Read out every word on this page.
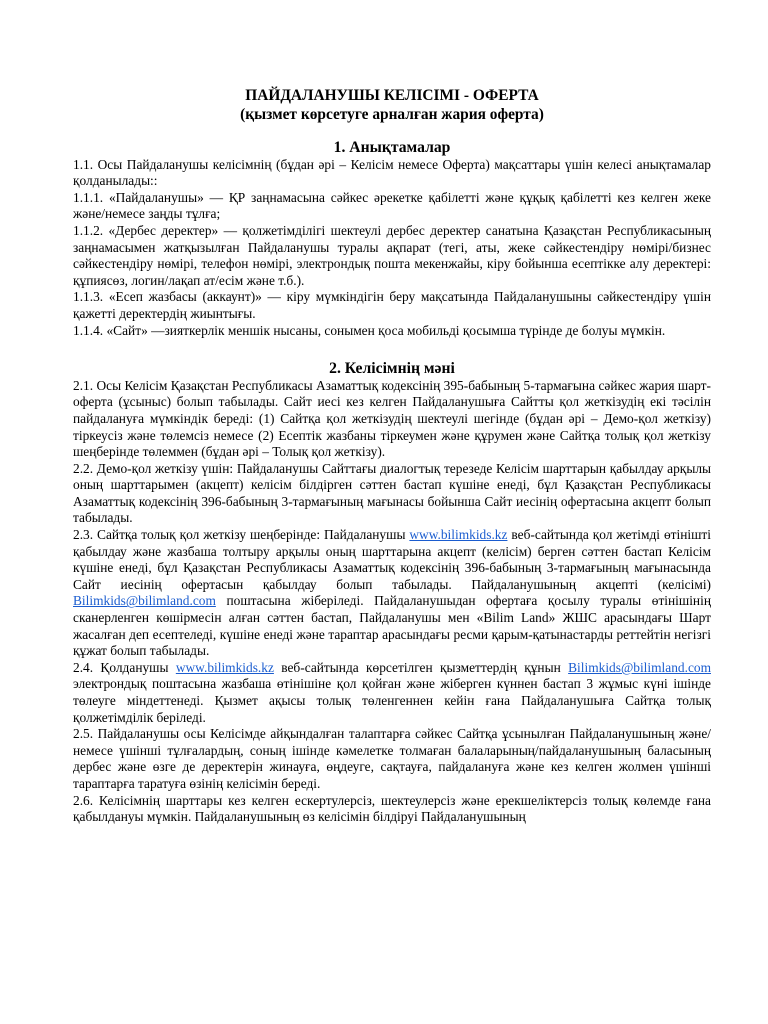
ПАЙДАЛАНУШЫ КЕЛІСІМІ - ОФЕРТА
(қызмет көрсетуге арналған жария оферта)
1. Анықтамалар

1.1. Осы Пайдаланушы келісімнің (бұдан әрі – Келісім немесе Оферта) мақсаттары үшін келесі анықтамалар қолданылады::

1.1.1. «Пайдаланушы» — ҚР заңнамасына сәйкес әрекетке қабілетті және құқық қабілетті кез келген жеке және/немесе заңды тұлға;

1.1.2. «Дербес деректер» — қолжетімділігі шектеулі дербес деректер санатына Қазақстан Республикасының заңнамасымен жатқызылған Пайдаланушы туралы ақпарат (тегі, аты, жеке сәйкестендіру нөмірі/бизнес сәйкестендіру нөмірі, телефон нөмірі, электрондық пошта мекенжайы, кіру бойынша есептікке алу деректері: құпиясөз, логин/лақап ат/есім және т.б.).

1.1.3. «Есеп жазбасы (аккаунт)» — кіру мүмкіндігін беру мақсатында Пайдаланушыны сәйкестендіру үшін қажетті деректердің жиынтығы.

1.1.4. «Сайт» —зияткерлік меншік нысаны, сонымен қоса мобильді қосымша түрінде де болуы мүмкін.

2. Келісімнің мәні

2.1. Осы Келісім Қазақстан Республикасы Азаматтық кодексінің 395-бабының 5-тармағына сәйкес жария шарт-оферта (ұсыныс) болып табылады. Сайт иесі кез келген Пайдаланушыға Сайтты қол жеткізудің екі тәсілін пайдалануға мүмкіндік береді: (1) Сайтқа қол жеткізудің шектеулі шегінде (бұдан әрі – Демо-қол жеткізу) тіркеусіз және төлемсіз немесе (2) Есептік жазбаны тіркеумен және құрумен және Сайтқа толық қол жеткізу шеңберінде төлеммен (бұдан әрі – Толық қол жеткізу).

2.2. Демо-қол жеткізу үшін: Пайдаланушы Сайттағы диалогтық терезеде Келісім шарттарын қабылдау арқылы оның шарттарымен (акцепт) келісім білдірген сәттен бастап күшіне енеді, бұл Қазақстан Республикасы Азаматтық кодексінің 396-бабының 3-тармағының мағынасы бойынша Сайт иесінің офертасына акцепт болып табылады.

2.3. Сайтқа толық қол жеткізу шеңберінде: Пайдаланушы www.bilimkids.kz веб-сайтында қол жетімді өтінішті қабылдау және жазбаша толтыру арқылы оның шарттарына акцепт (келісім) берген сәттен бастап Келісім күшіне енеді, бұл Қазақстан Республикасы Азаматтық кодексінің 396-бабының 3-тармағының мағынасында Сайт иесінің офертасын қабылдау болып табылады. Пайдаланушының акцепті (келісімі) Bilimkids@bilimland.com поштасына жіберіледі. Пайдаланушыдан офертаға қосылу туралы өтінішінің сканерленген көшірмесін алған сәттен бастап, Пайдаланушы мен «Bilim Land» ЖШС арасындағы Шарт жасалған деп есептеледі, күшіне енеді және тараптар арасындағы ресми қарым-қатынастарды реттейтін негізгі құжат болып табылады.

2.4. Қолданушы www.bilimkids.kz веб-сайтында көрсетілген қызметтердің құнын Bilimkids@bilimland.com электрондық поштасына жазбаша өтінішіне қол қойған және жіберген күннен бастап 3 жұмыс күні ішінде төлеуге міндеттенеді. Қызмет ақысы толық төленгеннен кейін ғана Пайдаланушыға Сайтқа толық қолжетімділік беріледі.

2.5. Пайдаланушы осы Келісімде айқындалған талаптарға сәйкес Сайтқа ұсынылған Пайдаланушының және/немесе үшінші тұлғалардың, соның ішінде кәмелетке толмаған балаларының/пайдаланушының баласының дербес және өзге де деректерін жинауға, өңдеуге, сақтауға, пайдалануға және кез келген жолмен үшінші тараптарға таратуға өзінің келісімін береді.

2.6. Келісімнің шарттары кез келген ескертулерсіз, шектеулерсіз және ерекшеліктерсіз толық көлемде ғана қабылдануы мүмкін. Пайдаланушының өз келісімін білдіруі Пайдаланушының
